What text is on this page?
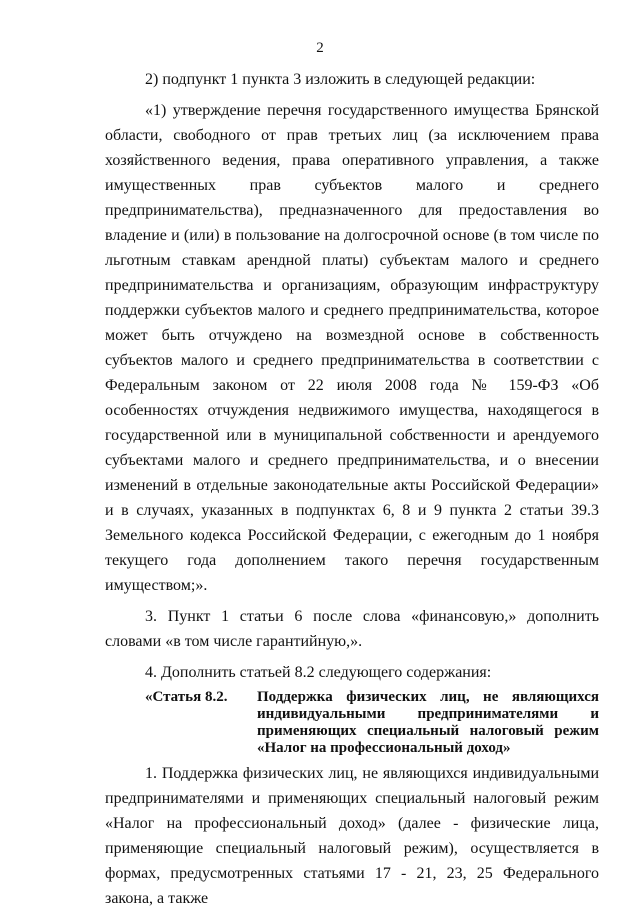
2

2) подпункт 1 пункта 3 изложить в следующей редакции:

«1) утверждение перечня государственного имущества Брянской области, свободного от прав третьих лиц (за исключением права хозяйственного ведения, права оперативного управления, а также имущественных прав субъектов малого и среднего предпринимательства), предназначенного для предоставления во владение и (или) в пользование на долгосрочной основе (в том числе по льготным ставкам арендной платы) субъектам малого и среднего предпринимательства и организациям, образующим инфраструктуру поддержки субъектов малого и среднего предпринимательства, которое может быть отчуждено на возмездной основе в собственность субъектов малого и среднего предпринимательства в соответствии с Федеральным законом от 22 июля 2008 года № 159-ФЗ «Об особенностях отчуждения недвижимого имущества, находящегося в государственной или в муниципальной собственности и арендуемого субъектами малого и среднего предпринимательства, и о внесении изменений в отдельные законодательные акты Российской Федерации» и в случаях, указанных в подпунктах 6, 8 и 9 пункта 2 статьи 39.3 Земельного кодекса Российской Федерации, с ежегодным до 1 ноября текущего года дополнением такого перечня государственным имуществом;».

3. Пункт 1 статьи 6 после слова «финансовую,» дополнить словами «в том числе гарантийную,».

4. Дополнить статьей 8.2 следующего содержания:

«Статья 8.2.	Поддержка физических лиц, не являющихся индивидуальными предпринимателями и применяющих специальный налоговый режим «Налог на профессиональный доход»

1. Поддержка физических лиц, не являющихся индивидуальными предпринимателями и применяющих специальный налоговый режим «Налог на профессиональный доход» (далее - физические лица, применяющие специальный налоговый режим), осуществляется в формах, предусмотренных статьями 17 - 21, 23, 25 Федерального закона, а также
